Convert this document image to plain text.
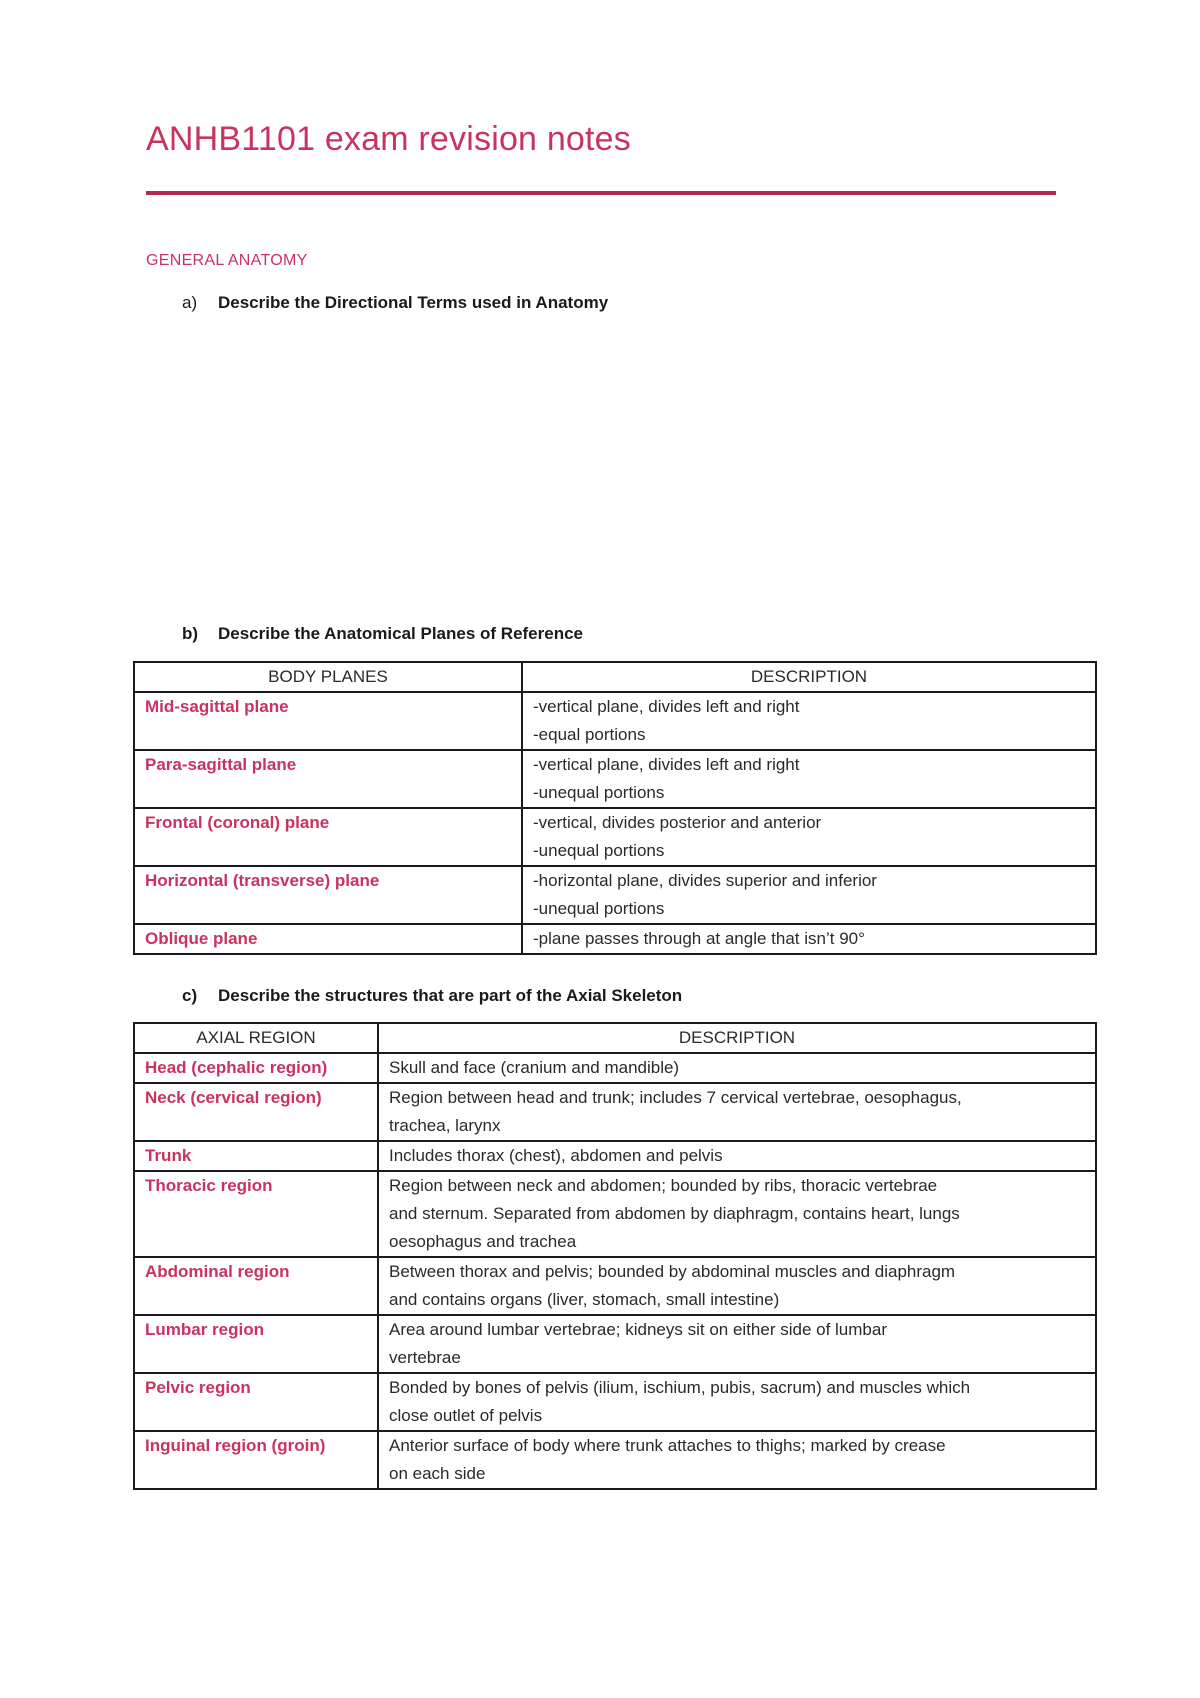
ANHB1101 exam revision notes
GENERAL ANATOMY
a) Describe the Directional Terms used in Anatomy
b) Describe the Anatomical Planes of Reference
BODY PLANES	DESCRIPTION
Mid-sagittal plane	-vertical plane, divides left and right
-equal portions

Para-sagittal plane	-vertical plane, divides left and right
-unequal portions

Frontal (coronal) plane	-vertical, divides posterior and anterior
-unequal portions

Horizontal (transverse) plane	-horizontal plane, divides superior and inferior
-unequal portions

Oblique plane	-plane passes through at angle that isn’t 90°
c) Describe the structures that are part of the Axial Skeleton
AXIAL REGION	DESCRIPTION
Head (cephalic region)	Skull and face (cranium and mandible)

Neck (cervical region)	Region between head and trunk; includes 7 cervical vertebrae, oesophagus,
trachea, larynx

Trunk	Includes thorax (chest), abdomen and pelvis

Thoracic region	Region between neck and abdomen; bounded by ribs, thoracic vertebrae
and sternum. Separated from abdomen by diaphragm, contains heart, lungs
oesophagus and trachea

Abdominal region	Between thorax and pelvis; bounded by abdominal muscles and diaphragm
and contains organs (liver, stomach, small intestine)

Lumbar region	Area around lumbar vertebrae; kidneys sit on either side of lumbar
vertebrae

Pelvic region	Bonded by bones of pelvis (ilium, ischium, pubis, sacrum) and muscles which
close outlet of pelvis

Inguinal region (groin)	Anterior surface of body where trunk attaches to thighs; marked by crease
on each side
